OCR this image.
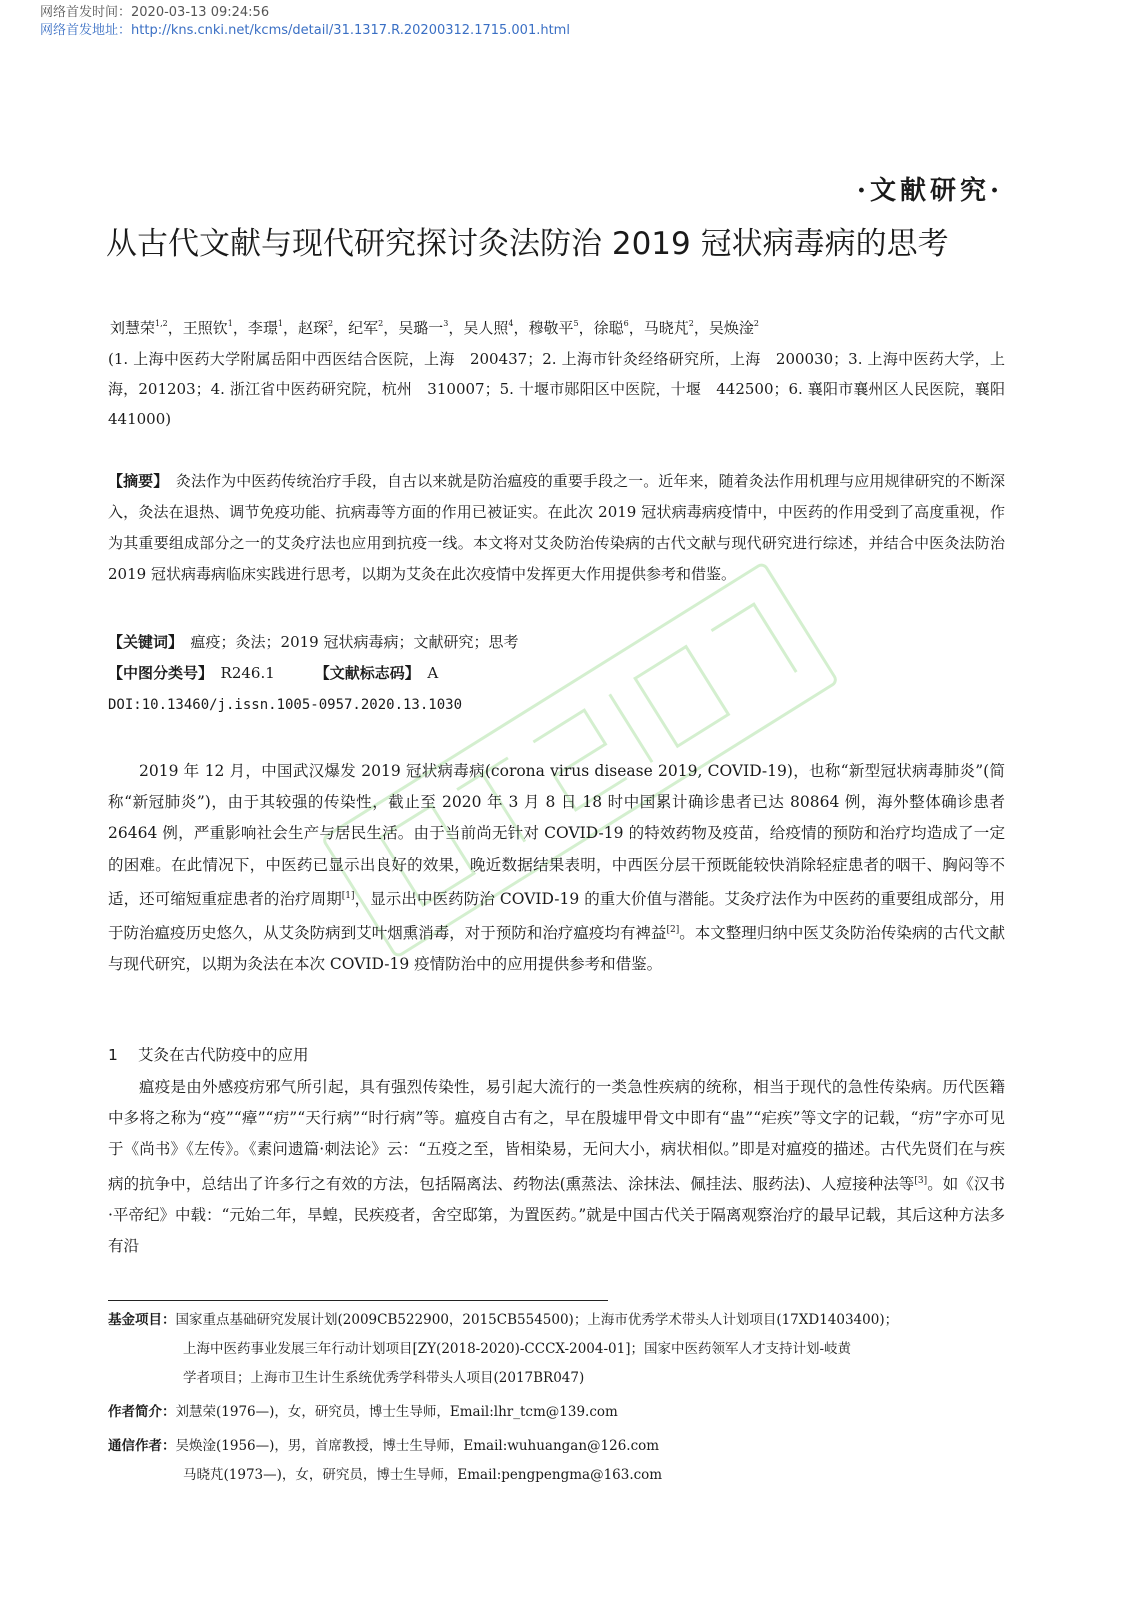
网络首发时间：2020-03-13 09:24:56
网络首发地址：http://kns.cnki.net/kcms/detail/31.1317.R.20200312.1715.001.html
·文献研究·
从古代文献与现代研究探讨灸法防治 2019 冠状病毒病的思考
刘慧荣$^{1,2}$，王照钦$^1$，李璟$^1$，赵琛$^2$，纪军$^2$，吴璐一$^3$，吴人照$^4$，穆敬平$^5$，徐聪$^6$，马晓芃$^2$，吴焕淦$^2$
(1. 上海中医药大学附属岳阳中西医结合医院，上海　200437；2. 上海市针灸经络研究所，上海　200030；3. 上海中医药大学，上海，201203；4. 浙江省中医药研究院，杭州　310007；5. 十堰市郧阳区中医院，十堰　442500；6. 襄阳市襄州区人民医院，襄阳　441000)
【摘要】　 灸法作为中医药传统治疗手段，自古以来就是防治瘟疫的重要手段之一。近年来，随着灸法作用机理与应用规律研究的不断深入，灸法在退热、调节免疫功能、抗病毒等方面的作用已被证实。在此次 2019 冠状病毒病疫情中，中医药的作用受到了高度重视，作为其重要组成部分之一的艾灸疗法也应用到抗疫一线。本文将对艾灸防治传染病的古代文献与现代研究进行综述，并结合中医灸法防治 2019 冠状病毒病临床实践进行思考，以期为艾灸在此次疫情中发挥更大作用提供参考和借鉴。
【关键词】　 瘟疫；灸法；2019 冠状病毒病；文献研究；思考
【中图分类号】　 R246.1	【文献标志码】　 A
DOI:10.13460/j.issn.1005-0957.2020.13.1030
2019 年 12 月，中国武汉爆发 2019 冠状病毒病(corona virus disease 2019, COVID-19)，也称“新型冠状病毒肺炎”(简称“新冠肺炎”)，由于其较强的传染性，截止至 2020 年 3 月 8 日 18 时中国累计确诊患者已达 80864 例，海外整体确诊患者 26464 例，严重影响社会生产与居民生活。由于当前尚无针对 COVID-19 的特效药物及疫苗，给疫情的预防和治疗均造成了一定的困难。在此情况下，中医药已显示出良好的效果，晚近数据结果表明，中西医分层干预既能较快消除轻症患者的咽干、胸闷等不适，还可缩短重症患者的治疗周期[1]，显示出中医药防治 COVID-19 的重大价值与潜能。艾灸疗法作为中医药的重要组成部分，用于防治瘟疫历史悠久，从艾灸防病到艾叶烟熏消毒，对于预防和治疗瘟疫均有裨益[2]。本文整理归纳中医艾灸防治传染病的古代文献与现代研究，以期为灸法在本次 COVID-19 疫情防治中的应用提供参考和借鉴。
1 艾灸在古代防疫中的应用
瘟疫是由外感疫疠邪气所引起，具有强烈传染性，易引起大流行的一类急性疾病的统称，相当于现代的急性传染病。历代医籍中多将之称为“疫”“瘴”“疠”“天行病”“时行病”等。瘟疫自古有之，早在殷墟甲骨文中即有“蛊”“疟疾”等文字的记载，“疠”字亦可见于《尚书》《左传》。《素问遗篇·刺法论》云：“五疫之至，皆相染易，无问大小，病状相似。”即是对瘟疫的描述。古代先贤们在与疾病的抗争中，总结出了许多行之有效的方法，包括隔离法、药物法(熏蒸法、涂抹法、佩挂法、服药法)、人痘接种法等[3]。如《汉书·平帝纪》中载：“元始二年，旱蝗，民疾疫者，舍空邸第，为置医药。”就是中国古代关于隔离观察治疗的最早记载，其后这种方法多有沿
基金项目：国家重点基础研究发展计划(2009CB522900，2015CB554500)；上海市优秀学术带头人计划项目(17XD1403400)；
上海中医药事业发展三年行动计划项目[ZY(2018-2020)-CCCX-2004-01]；国家中医药领军人才支持计划-岐黄
学者项目；上海市卫生计生系统优秀学科带头人项目(2017BR047)
作者简介：刘慧荣(1976—)，女，研究员，博士生导师，Email:lhr_tcm@139.com
通信作者：吴焕淦(1956—)，男，首席教授，博士生导师，Email:wuhuangan@126.com
马晓芃(1973—)，女，研究员，博士生导师，Email:pengpengma@163.com
